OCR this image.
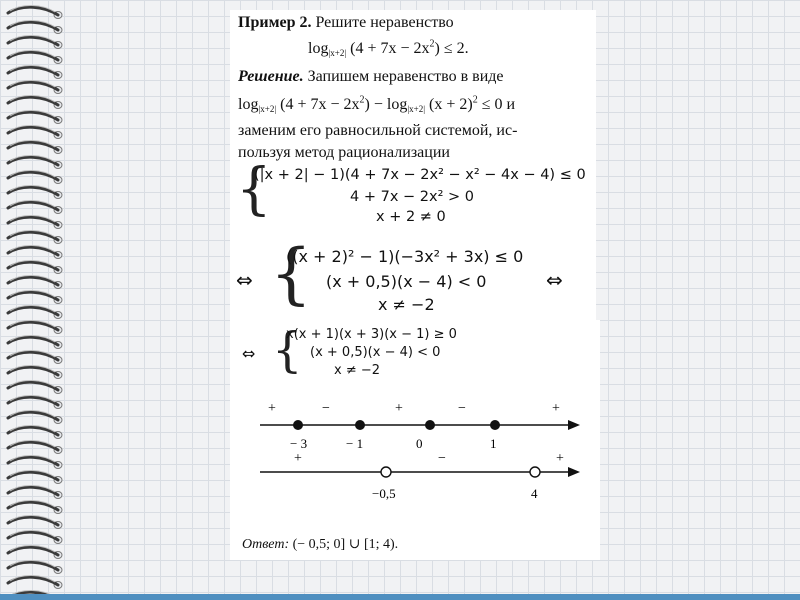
Пример 2. Решите неравенство
$\log_{|x+2|} (4 + 7x - 2x^2) \le 2$.
Решение. Запишем неравенство в виде
$\log_{|x+2|} (4 + 7x - 2x^2) - \log_{|x+2|} (x + 2)^2 \le 0$ и
заменим его равносильной системой, ис-
пользуя метод рационализации
{
(|x + 2| − 1)(4 + 7x − 2x² − x² − 4x − 4) ≤ 0
4 + 7x − 2x² > 0
x + 2 ≠ 0
⇔ {
((x + 2)² − 1)(−3x² + 3x) ≤ 0
(x + 0,5)(x − 4) < 0
x ≠ −2
⇔
⇔ {
x(x + 1)(x + 3)(x − 1) ≥ 0
(x + 0,5)(x − 4) < 0
x ≠ −2
− 3	− 1	0	1
+	−	+	−	+
−0,5	4
+	−	+
Ответ: (− 0,5; 0] ∪ [1; 4).
